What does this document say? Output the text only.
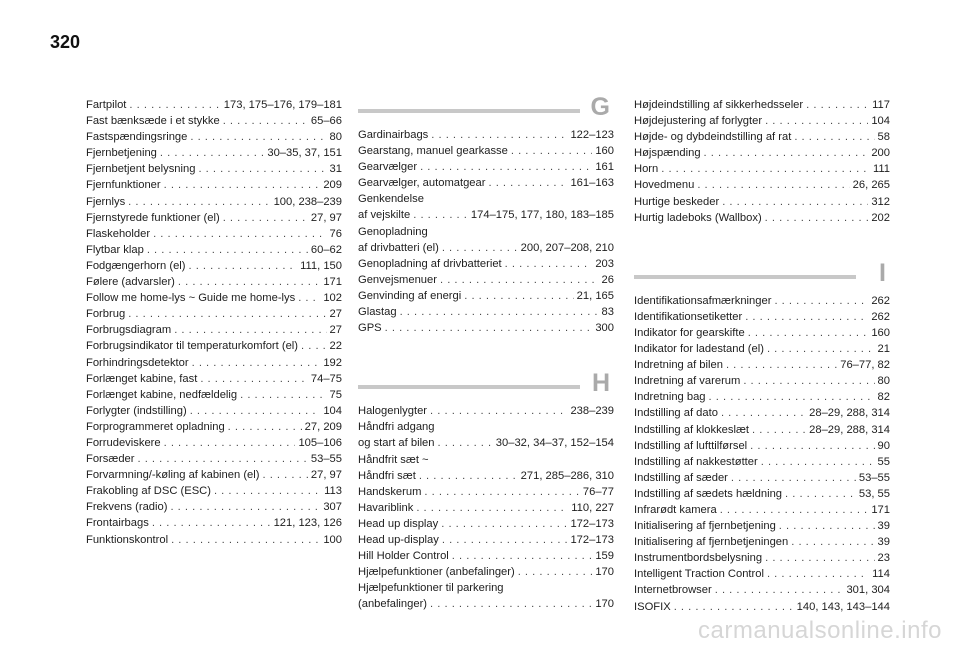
320
Fartpilot . . .	173, 175–176, 179–181
Fast bænksæde i et stykke . . .	65–66
Fastspændingsringe . . .	80
Fjernbetjening . . .	30–35, 37, 151
Fjernbetjent belysning . . .	31
Fjernfunktioner . . .	209
Fjernlys . . .	100, 238–239
Fjernstyrede funktioner (el) . . .	27, 97
Flaskeholder . . .	76
Flytbar klap . . .	60–62
Fodgængerhorn (el) . . .	111, 150
Følere (advarsler) . . .	171
Follow me home-lys ~ Guide me home-lys . . .	102
Forbrug . . .	27
Forbrugsdiagram . . .	27
Forbrugsindikator til temperaturkomfort (el) . . .	22
Forhindringsdetektor . . .	192
Forlænget kabine, fast . . .	74–75
Forlænget kabine, nedfældelig . . .	75
Forlygter (indstilling) . . .	104
Forprogrammeret opladning . . .	27, 209
Forrudeviskere . . .	105–106
Forsæder . . .	53–55
Forvarmning/-køling af kabinen (el) . . .	27, 97
Frakobling af DSC (ESC) . . .	113
Frekvens (radio) . . .	307
Frontairbags . . .	121, 123, 126
Funktionskontrol . . .	100
G
Gardinairbags . . .	122–123
Gearstang, manuel gearkasse . . .	160
Gearvælger . . .	161
Gearvælger, automatgear . . .	161–163
Genkendelse
af vejskilte . . .	174–175, 177, 180, 183–185
Genopladning
af drivbatteri (el) . . .	200, 207–208, 210
Genopladning af drivbatteriet . . .	203
Genvejsmenuer . . .	26
Genvinding af energi . . .	21, 165
Glastag . . .	83
GPS . . .	300
H
Halogenlygter . . .	238–239
Håndfri adgang
og start af bilen . . .	30–32, 34–37, 152–154
Håndfrit sæt ~
Håndfri sæt . . .	271, 285–286, 310
Handskerum . . .	76–77
Havariblink . . .	110, 227
Head up display . . .	172–173
Head up-display . . .	172–173
Hill Holder Control . . .	159
Hjælpefunktioner (anbefalinger) . . .	170
Hjælpefunktioner til parkering
(anbefalinger) . . .	170
Højdeindstilling af sikkerhedsseler . . .	117
Højdejustering af forlygter . . .	104
Højde- og dybdeindstilling af rat . . .	58
Højspænding . . .	200
Horn . . .	111
Hovedmenu . . .	26, 265
Hurtige beskeder . . .	312
Hurtig ladeboks (Wallbox) . . .	202
I
Identifikationsafmærkninger . . .	262
Identifikationsetiketter . . .	262
Indikator for gearskifte . . .	160
Indikator for ladestand (el) . . .	21
Indretning af bilen . . .	76–77, 82
Indretning af varerum . . .	80
Indretning bag . . .	82
Indstilling af dato . . .	28–29, 288, 314
Indstilling af klokkeslæt . . .	28–29, 288, 314
Indstilling af lufttilførsel . . .	90
Indstilling af nakkestøtter . . .	55
Indstilling af sæder . . .	53–55
Indstilling af sædets hældning . . .	53, 55
Infrarødt kamera . . .	171
Initialisering af fjernbetjening . . .	39
Initialisering af fjernbetjeningen . . .	39
Instrumentbordsbelysning . . .	23
Intelligent Traction Control . . .	114
Internetbrowser . . .	301, 304
ISOFIX . . .	140, 143, 143–144
carmanualsonline.info
